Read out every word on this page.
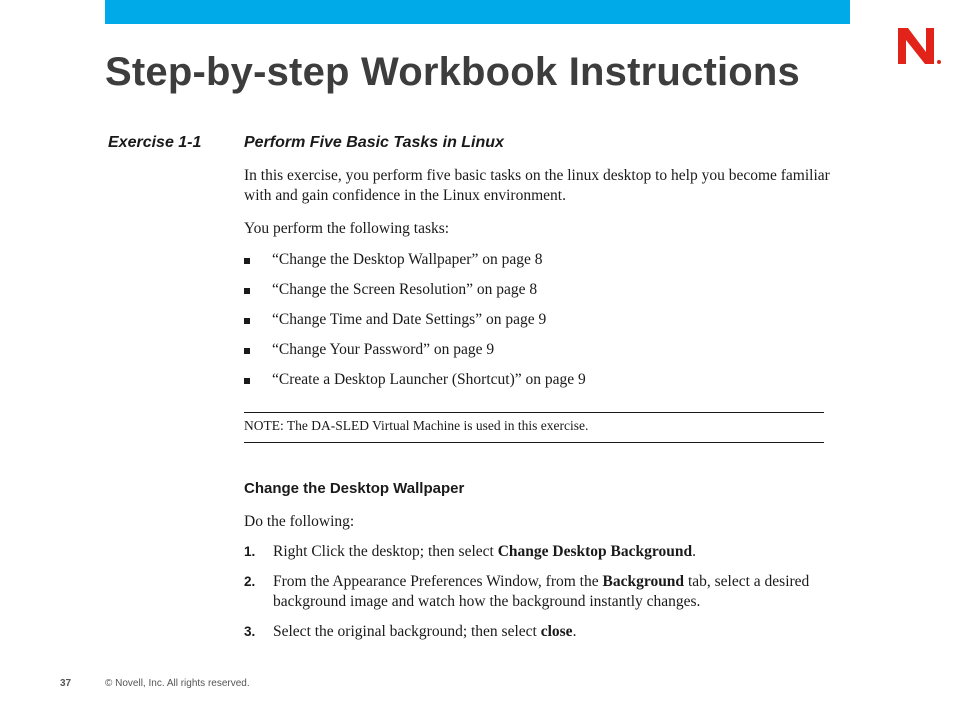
Step-by-step Workbook Instructions
Exercise 1-1	Perform Five Basic Tasks in Linux

In this exercise, you perform five basic tasks on the linux desktop to help you become familiar with and gain confidence in the Linux environment.

You perform the following tasks:

“Change the Desktop Wallpaper” on page 8
“Change the Screen Resolution” on page 8
“Change Time and Date Settings” on page 9
“Change Your Password” on page 9
“Create a Desktop Launcher (Shortcut)” on page 9
NOTE: The DA-SLED Virtual Machine is used in this exercise.
Change the Desktop Wallpaper

Do the following:

1.	Right Click the desktop; then select Change Desktop Background.
2.	From the Appearance Preferences Window, from the Background tab, select a desired background image and watch how the background instantly changes.
3.	Select the original background; then select close.
37	© Novell, Inc. All rights reserved.
